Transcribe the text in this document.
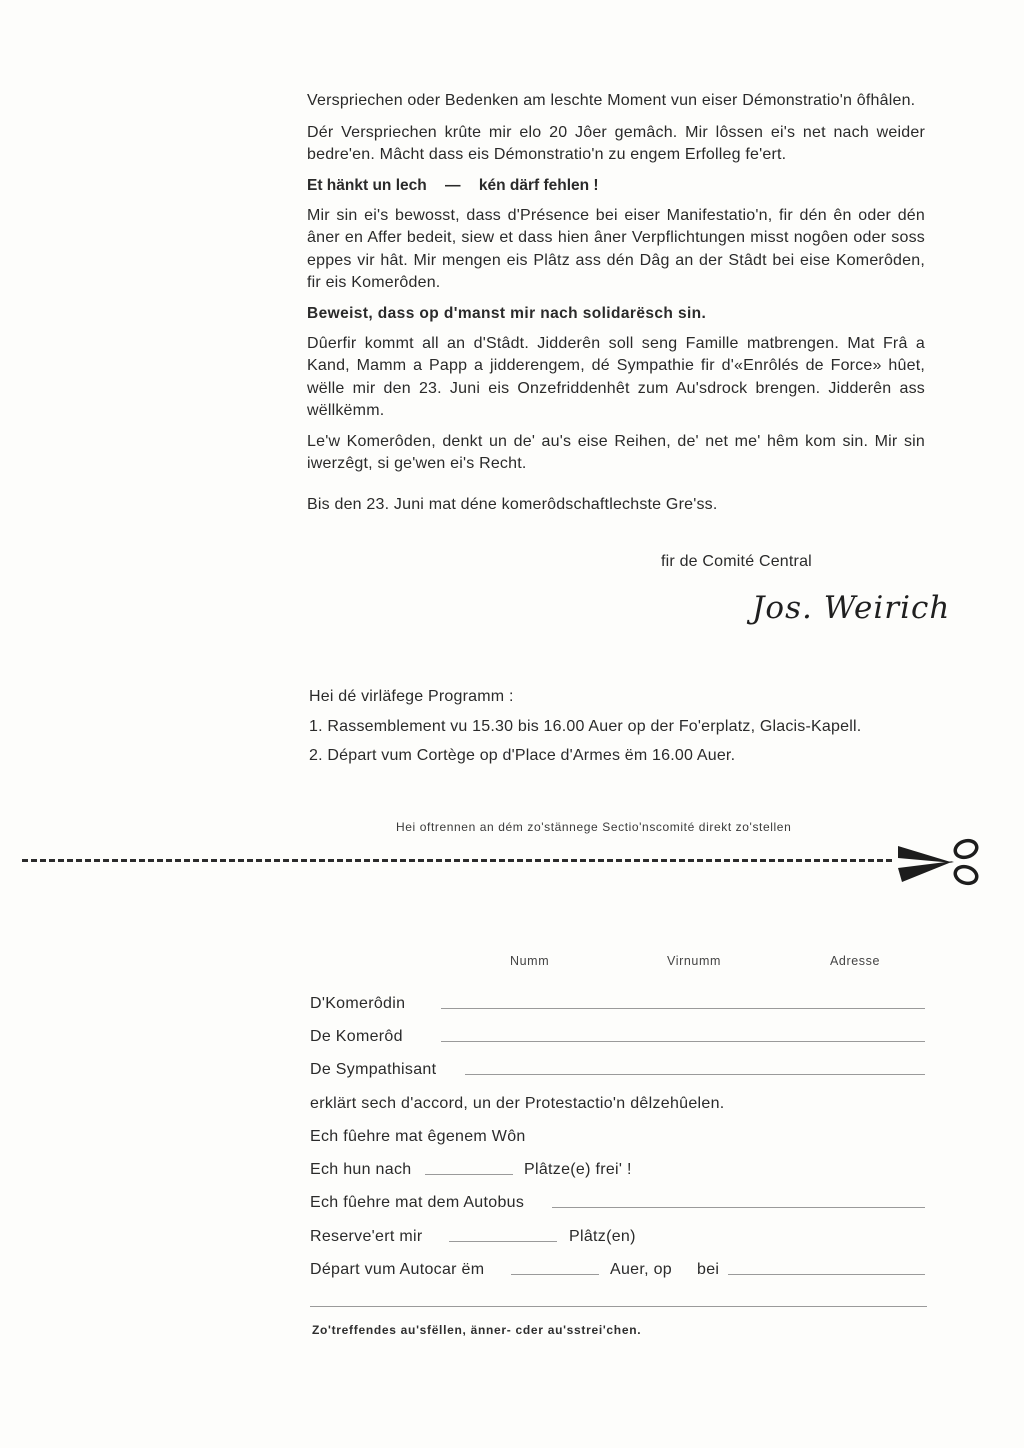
Verspriechen oder Bedenken am leschte Moment vun eiser Démonstratio'n ôfhâlen.

Dér Verspriechen krûte mir elo 20 Jôer gemâch. Mir lôssen ei's net nach weider bedre'en. Mâcht dass eis Démonstratio'n zu engem Erfolleg fe'ert.

Et hänkt un lech — kén därf fehlen !

Mir sin ei's bewosst, dass d'Présence bei eiser Manifestatio'n, fir dén ên oder dén âner en Affer bedeit, siew et dass hien âner Verpflichtungen misst nogôen oder soss eppes vir hât. Mir mengen eis Plâtz ass dén Dâg an der Stâdt bei eise Komerôden, fir eis Komerôden.

Beweist, dass op d'manst mir nach solidarësch sin.

Dûerfir kommt all an d'Stâdt. Jidderên soll seng Famille matbrengen. Mat Frâ a Kand, Mamm a Papp a jidderengem, dé Sympathie fir d'«Enrôlés de Force» hûet, wëlle mir den 23. Juni eis Onzefriddenhêt zum Au'sdrock brengen. Jidderên ass wëllkëmm.

Le'w Komerôden, denkt un de' au's eise Reihen, de' net me' hêm kom sin. Mir sin iwerzêgt, si ge'wen ei's Recht.

Bis den 23. Juni mat déne komerôdschaftlechste Gre'ss.

fir de Comité Central

Jos. Weirich

Hei dé virläfege Programm :

1. Rassemblement vu 15.30 bis 16.00 Auer op der Fo'erplatz, Glacis-Kapell.

2. Départ vum Cortège op d'Place d'Armes ëm 16.00 Auer.

Hei oftrennen an dém zo'stännege Sectio'nscomité direkt zo'stellen

Numm	Virnumm	Adresse
D'Komerôdin
De Komerôd
De Sympathisant
erklärt sech d'accord, un der Protestactio'n dêlzehûelen.
Ech fûehre mat êgenem Wôn
Ech hun nach	Plâtze(e) frei' !
Ech fûehre mat dem Autobus
Reserve'ert mir	Plâtz(en)
Départ vum Autocar ëm	Auer, op bei

Zo'treffendes au'sfëllen, änner- cder au'sstrei'chen.
